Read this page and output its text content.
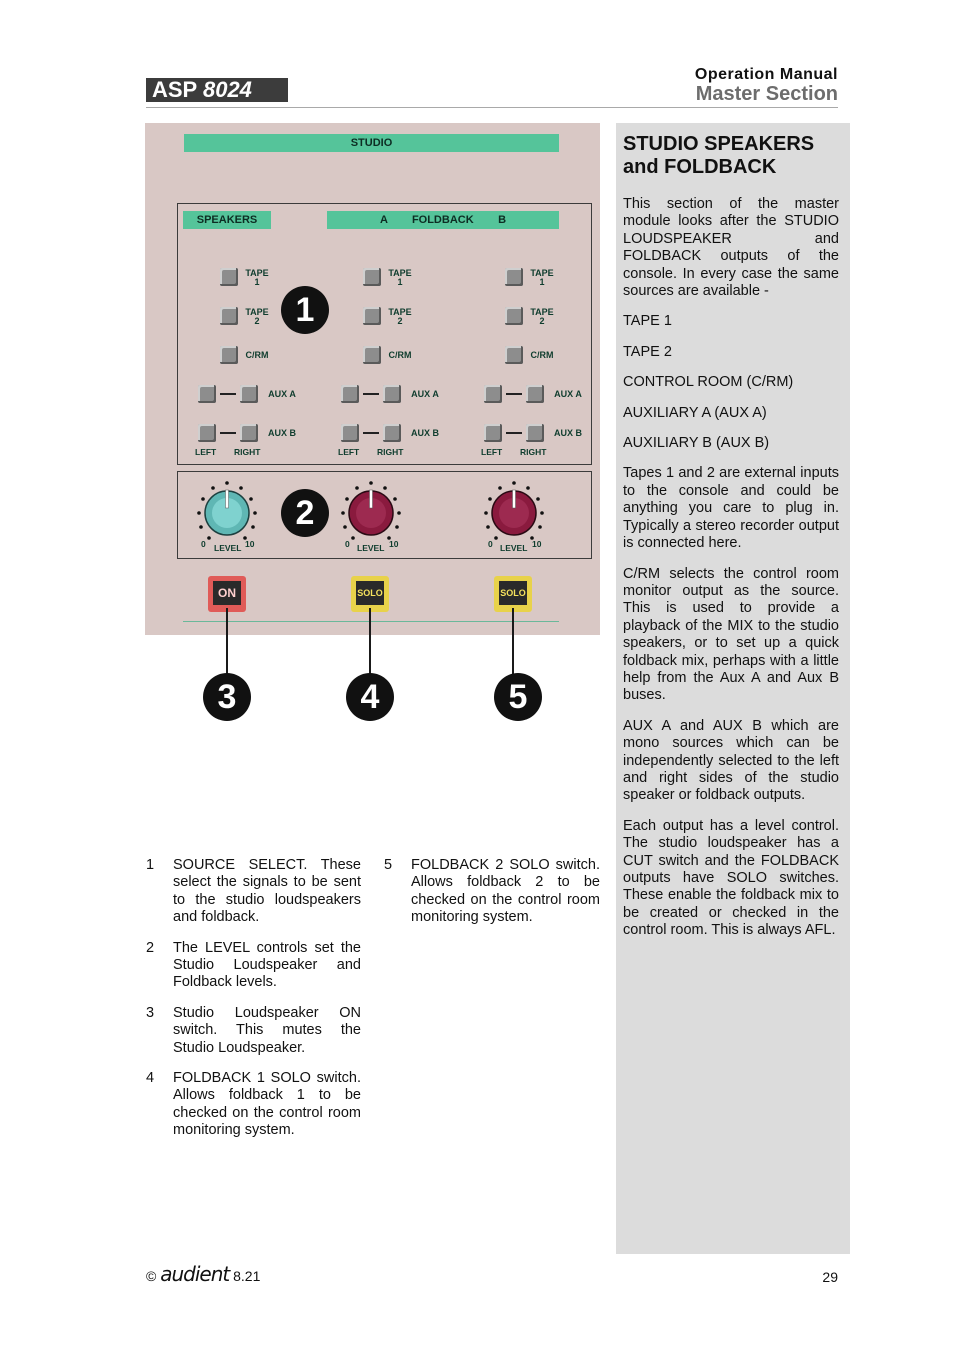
ASP 8024
Operation Manual
Master Section
STUDIO
SPEAKERS	A        FOLDBACK        B
TAPE 1
TAPE 2
C/RM
AUX A
AUX B
LEFT RIGHT
TAPE 1
TAPE 2
C/RM
AUX A
AUX B
LEFT RIGHT
TAPE 1
TAPE 2
C/RM
AUX A
AUX B
LEFT RIGHT
1
0 LEVEL 10
2
0 LEVEL 10	0 LEVEL 10
ON	SOLO	SOLO
3	4	5
1 SOURCE SELECT. These select the signals to be sent to the studio loudspeakers and foldback.
2 The LEVEL controls set the Studio Loudspeaker and Foldback levels.
3 Studio Loudspeaker ON switch. This mutes the Studio Loudspeaker.
4 FOLDBACK 1 SOLO switch. Allows foldback 1 to be checked on the control room monitoring system.
5 FOLDBACK 2 SOLO switch. Allows foldback 2 to be checked on the control room monitoring system.
STUDIO SPEAKERS and FOLDBACK

This section of the master module looks after the STUDIO LOUDSPEAKER and FOLDBACK outputs of the console. In every case the same sources are available -

TAPE 1

TAPE 2

CONTROL ROOM (C/RM)

AUXILIARY A (AUX A)

AUXILIARY B (AUX B)

Tapes 1 and 2 are external inputs to the console and could be anything you care to plug in. Typically a stereo recorder output is connected here.

C/RM selects the control room monitor output as the source. This is used to provide a playback of the MIX to the studio speakers, or to set up a quick foldback mix, perhaps with a little help from the Aux A and Aux B buses.

AUX A and AUX B which are mono sources which can be independently selected to the left and right sides of the studio speaker or foldback outputs.

Each output has a level control. The studio loudspeaker has a CUT switch and the FOLDBACK outputs have SOLO switches. These enable the foldback mix to be created or checked in the control room. This is always AFL.

© audient 8.21	29
